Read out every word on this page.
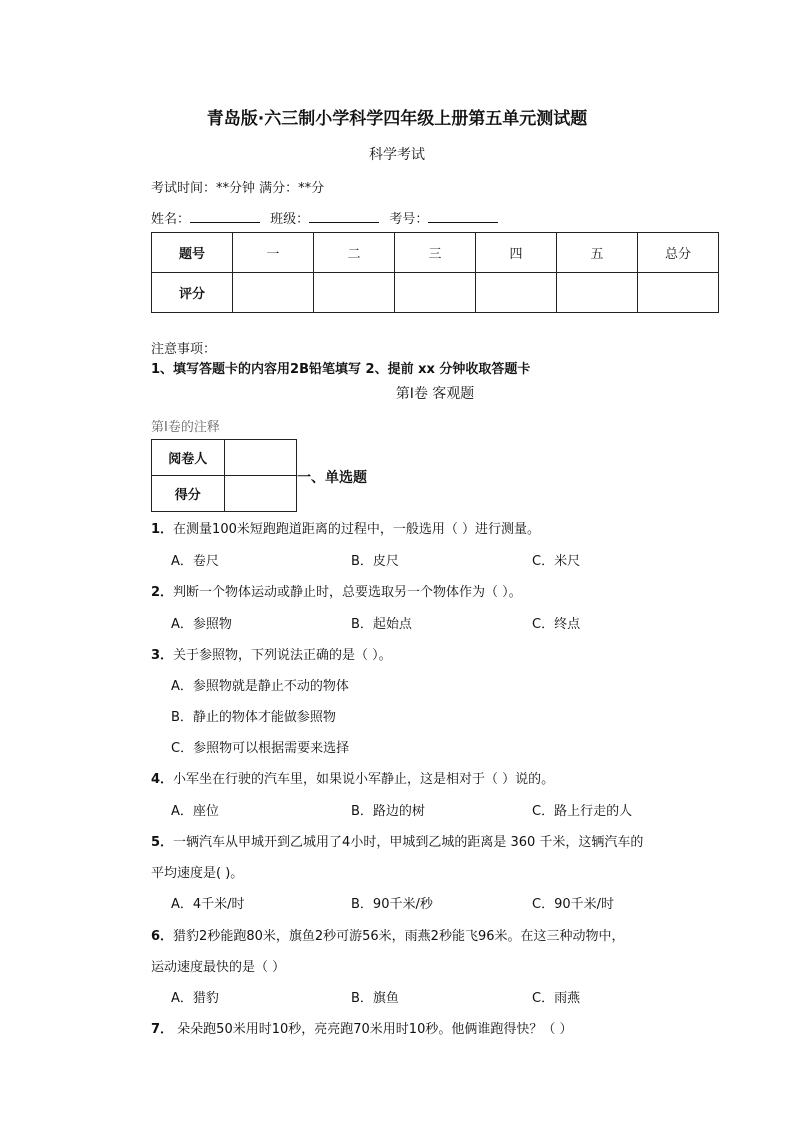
青岛版·六三制小学科学四年级上册第五单元测试题
科学考试
考试时间：**分钟 满分：**分
姓名：	班级：	考号：
题号	一	二	三	四	五	总分
评分						
注意事项：
1、填写答题卡的内容用2B铅笔填写 2、提前 xx 分钟收取答题卡
第I卷 客观题
第I卷的注释
阅卷人	
得分	
一、单选题
1．在测量100米短跑跑道距离的过程中，一般选用（ ）进行测量。
A．卷尺	B．皮尺	C．米尺
2．判断一个物体运动或静止时，总要选取另一个物体作为（ ）。
A．参照物	B．起始点	C．终点
3．关于参照物，下列说法正确的是（ ）。
A．参照物就是静止不动的物体
B．静止的物体才能做参照物
C．参照物可以根据需要来选择
4．小军坐在行驶的汽车里，如果说小军静止，这是相对于（ ）说的。
A．座位	B．路边的树	C．路上行走的人
5．一辆汽车从甲城开到乙城用了4小时，甲城到乙城的距离是 360 千米，这辆汽车的
平均速度是( )。
A．4千米/时	B．90千米/秒	C．90千米/时
6．猎豹2秒能跑80米，旗鱼2秒可游56米，雨燕2秒能飞96米。在这三种动物中，
运动速度最快的是（ ）
A．猎豹	B．旗鱼	C．雨燕
7． 朵朵跑50米用时10秒，亮亮跑70米用时10秒。他俩谁跑得快？（ ）
